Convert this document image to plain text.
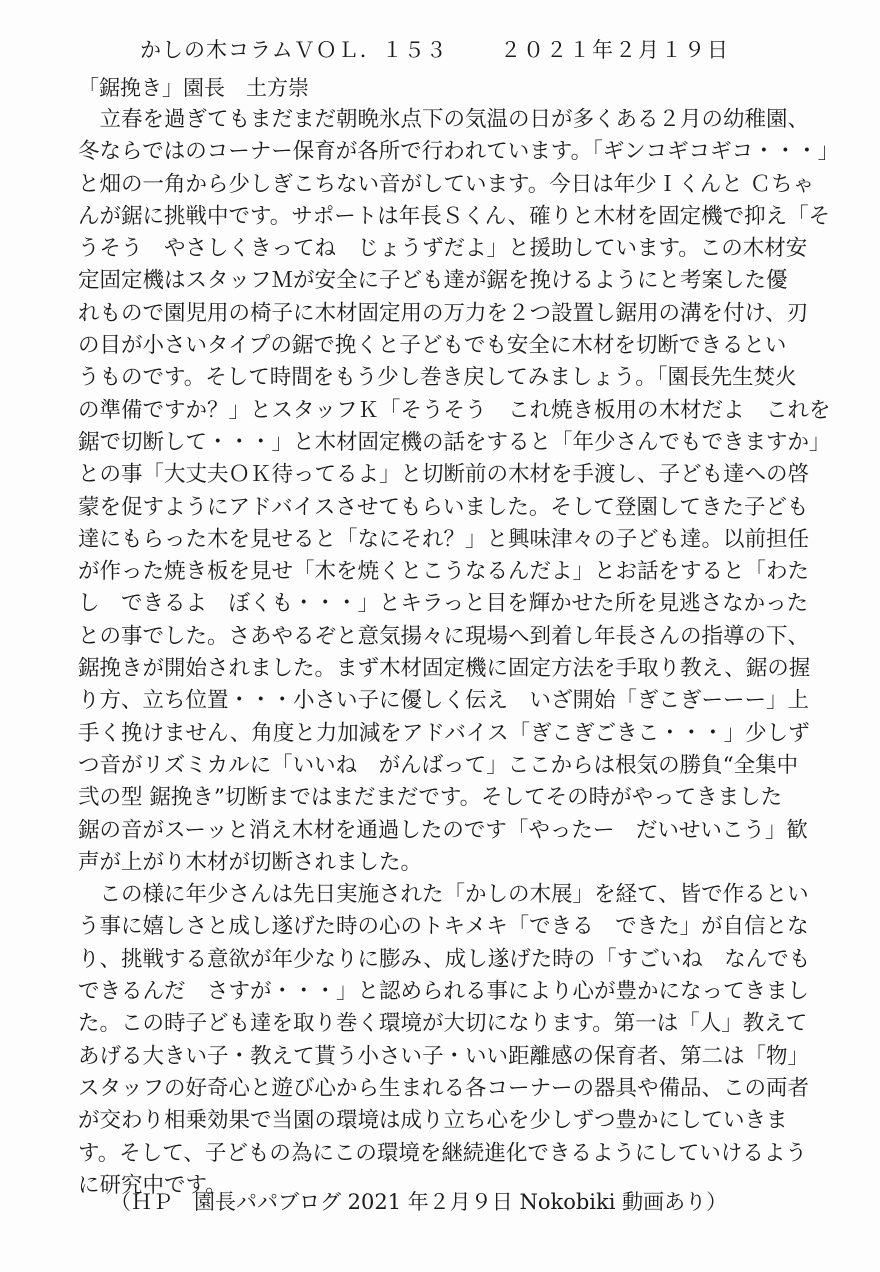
かしの木コラムＶＯＬ．１５３ ２０２１年２月１９日
「鋸挽き」園長　土方崇
　立春を過ぎてもまだまだ朝晩氷点下の気温の日が多くある２月の幼稚園、
冬ならではのコーナー保育が各所で行われています。「ギンコギコギコ・・・」
と畑の一角から少しぎこちない音がしています。今日は年少Ｉくんと Ｃちゃ
んが鋸に挑戦中です。サポートは年長Ｓくん、確りと木材を固定機で抑え「そ
うそう　やさしくきってね　じょうずだよ」と援助しています。この木材安
定固定機はスタッフＭが安全に子ども達が鋸を挽けるようにと考案した優
れもので園児用の椅子に木材固定用の万力を２つ設置し鋸用の溝を付け、刃
の目が小さいタイプの鋸で挽くと子どもでも安全に木材を切断できるとい
うものです。そして時間をもう少し巻き戻してみましょう。「園長先生焚火
の準備ですか？」とスタッフＫ「そうそう　これ焼き板用の木材だよ　これを
鋸で切断して・・・」と木材固定機の話をすると「年少さんでもできますか」
との事「大丈夫ＯＫ待ってるよ」と切断前の木材を手渡し、子ども達への啓
蒙を促すようにアドバイスさせてもらいました。そして登園してきた子ども
達にもらった木を見せると「なにそれ？」と興味津々の子ども達。以前担任
が作った焼き板を見せ「木を焼くとこうなるんだよ」とお話をすると「わた
し　できるよ　ぼくも・・・」とキラっと目を輝かせた所を見逃さなかった
との事でした。さあやるぞと意気揚々に現場へ到着し年長さんの指導の下、
鋸挽きが開始されました。まず木材固定機に固定方法を手取り教え、鋸の握
り方、立ち位置・・・小さい子に優しく伝え　いざ開始「ぎこぎーーー」上
手く挽けません、角度と力加減をアドバイス「ぎこぎごきこ・・・」少しず
つ音がリズミカルに「いいね　がんばって」ここからは根気の勝負“全集中
弐の型 鋸挽き”切断まではまだまだです。そしてその時がやってきました
鋸の音がスーッと消え木材を通過したのです「やったー　だいせいこう」歓
声が上がり木材が切断されました。
　この様に年少さんは先日実施された「かしの木展」を経て、皆で作るとい
う事に嬉しさと成し遂げた時の心のトキメキ「できる　できた」が自信とな
り、挑戦する意欲が年少なりに膨み、成し遂げた時の「すごいね　なんでも
できるんだ　さすが・・・」と認められる事により心が豊かになってきまし
た。この時子ども達を取り巻く環境が大切になります。第一は「人」教えて
あげる大きい子・教えて貰う小さい子・いい距離感の保育者、第二は「物」
スタッフの好奇心と遊び心から生まれる各コーナーの器具や備品、この両者
が交わり相乗効果で当園の環境は成り立ち心を少しずつ豊かにしていきま
す。そして、子どもの為にこの環境を継続進化できるようにしていけるよう
に研究中です。
（ＨＰ　園長パパブログ 2021 年２月９日 Nokobiki 動画あり）
